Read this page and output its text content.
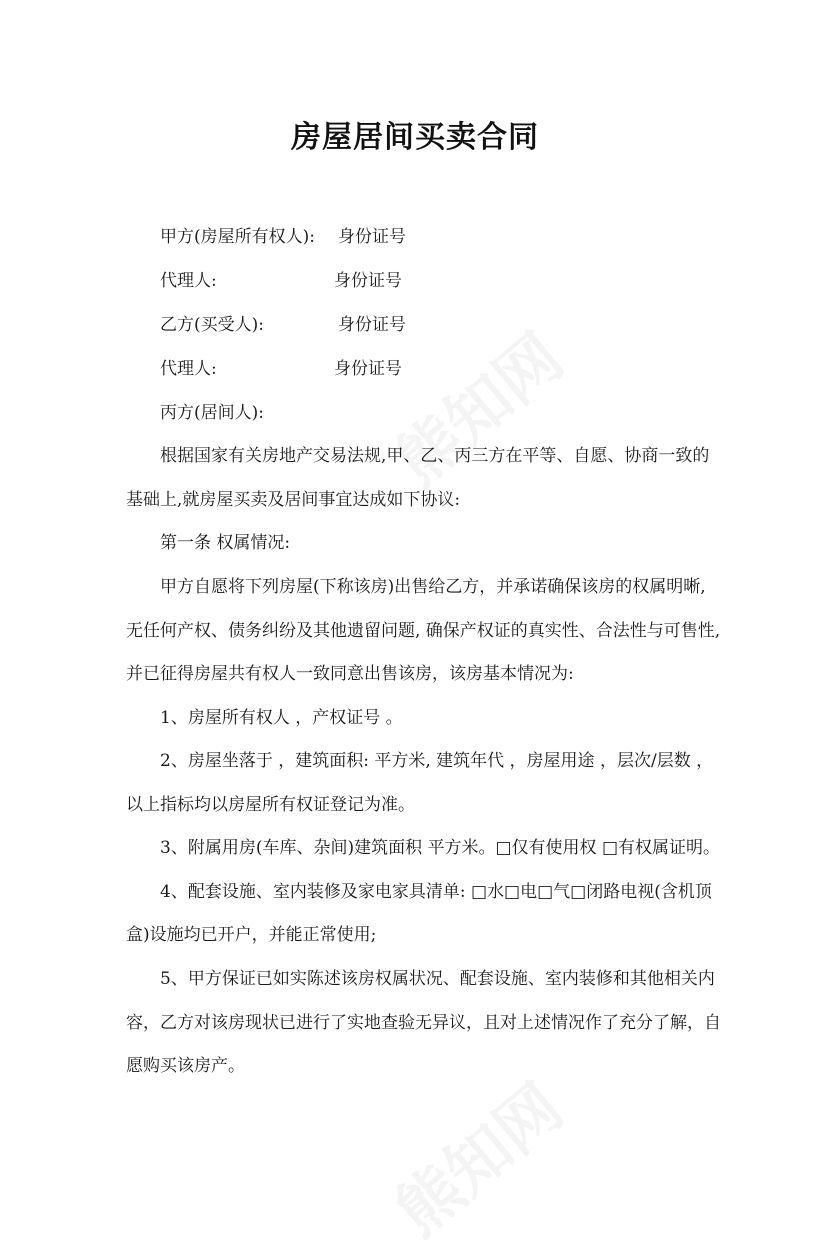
房屋居间买卖合同
甲方(房屋所有权人): 身份证号
代理人:	身份证号
乙方(买受人):	身份证号
代理人:	身份证号
丙方(居间人):
根据国家有关房地产交易法规,甲、乙、丙三方在平等、自愿、协商一致的
基础上,就房屋买卖及居间事宜达成如下协议:
第一条 权属情况:
甲方自愿将下列房屋(下称该房)出售给乙方，并承诺确保该房的权属明晰,
无任何产权、债务纠纷及其他遗留问题, 确保产权证的真实性、合法性与可售性,
并已征得房屋共有权人一致同意出售该房，该房基本情况为:
1、房屋所有权人 ，产权证号 。
2、房屋坐落于 ，建筑面积: 平方米, 建筑年代 ，房屋用途 ，层次/层数 ，
以上指标均以房屋所有权证登记为准。
3、附属用房(车库、杂间)建筑面积 平方米。□仅有使用权 □有权属证明。
4、配套设施、室内装修及家电家具清单: □水□电□气□闭路电视(含机顶
盒)设施均已开户，并能正常使用;
5、甲方保证已如实陈述该房权属状况、配套设施、室内装修和其他相关内
容，乙方对该房现状已进行了实地查验无异议，且对上述情况作了充分了解，自
愿购买该房产。
